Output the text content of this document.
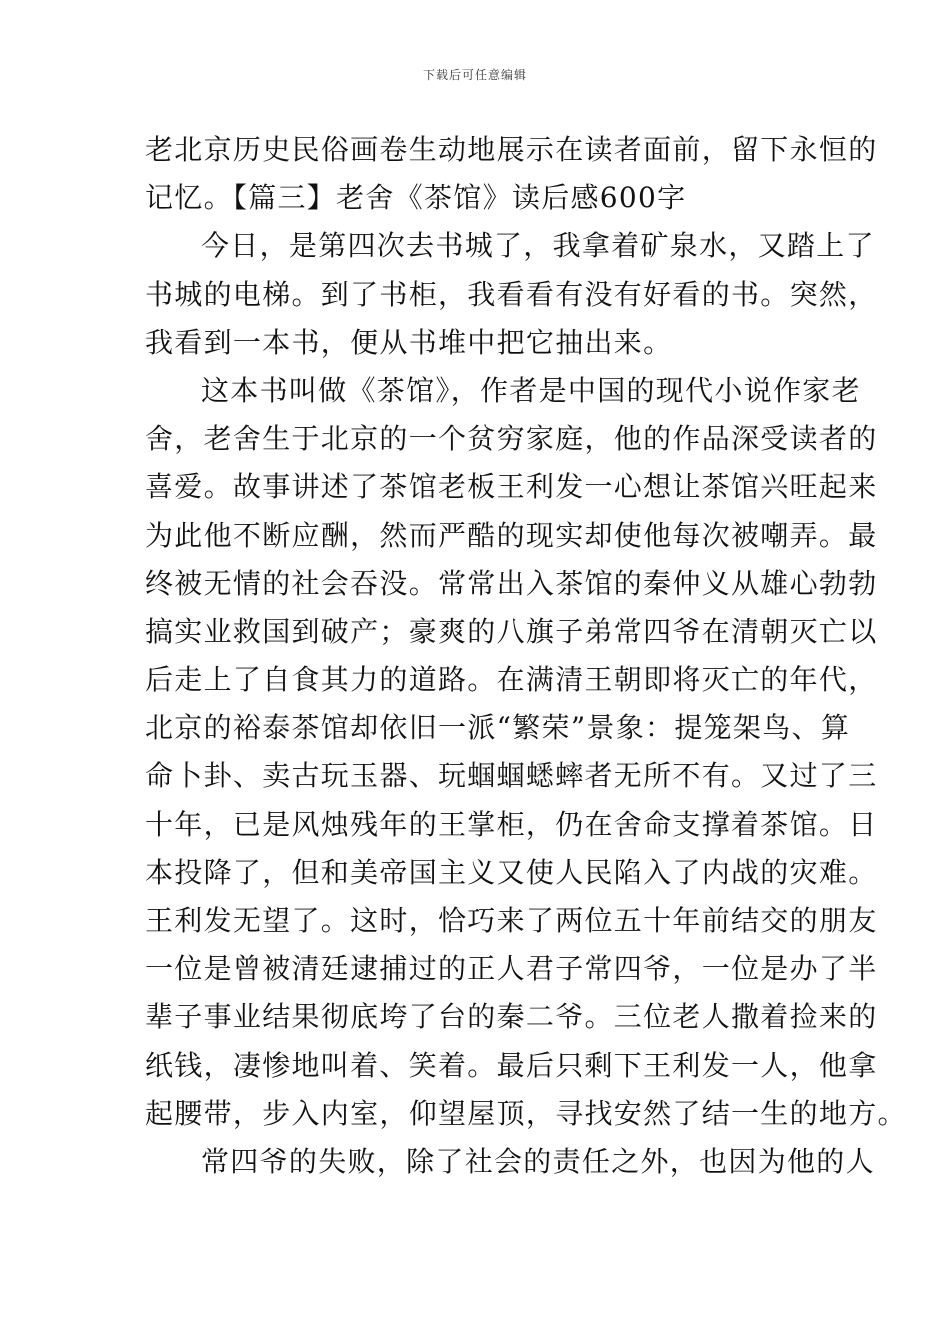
下载后可任意编辑
老北京历史民俗画卷生动地展示在读者面前，留下永恒的
记忆。【篇三】老舍《茶馆》读后感600字
今日，是第四次去书城了，我拿着矿泉水，又踏上了
书城的电梯。到了书柜，我看看有没有好看的书。突然，
我看到一本书，便从书堆中把它抽出来。
这本书叫做《茶馆》，作者是中国的现代小说作家老
舍，老舍生于北京的一个贫穷家庭，他的作品深受读者的
喜爱。故事讲述了茶馆老板王利发一心想让茶馆兴旺起来
为此他不断应酬，然而严酷的现实却使他每次被嘲弄。最
终被无情的社会吞没。常常出入茶馆的秦仲义从雄心勃勃
搞实业救国到破产；豪爽的八旗子弟常四爷在清朝灭亡以
后走上了自食其力的道路。在满清王朝即将灭亡的年代，
北京的裕泰茶馆却依旧一派“繁荣”景象：提笼架鸟、算
命卜卦、卖古玩玉器、玩蝈蝈蟋蟀者无所不有。又过了三
十年，已是风烛残年的王掌柜，仍在舍命支撑着茶馆。日
本投降了，但和美帝国主义又使人民陷入了内战的灾难。
王利发无望了。这时，恰巧来了两位五十年前结交的朋友
一位是曾被清廷逮捕过的正人君子常四爷，一位是办了半
辈子事业结果彻底垮了台的秦二爷。三位老人撒着捡来的
纸钱，凄惨地叫着、笑着。最后只剩下王利发一人，他拿
起腰带，步入内室，仰望屋顶，寻找安然了结一生的地方。
常四爷的失败，除了社会的责任之外，也因为他的人
